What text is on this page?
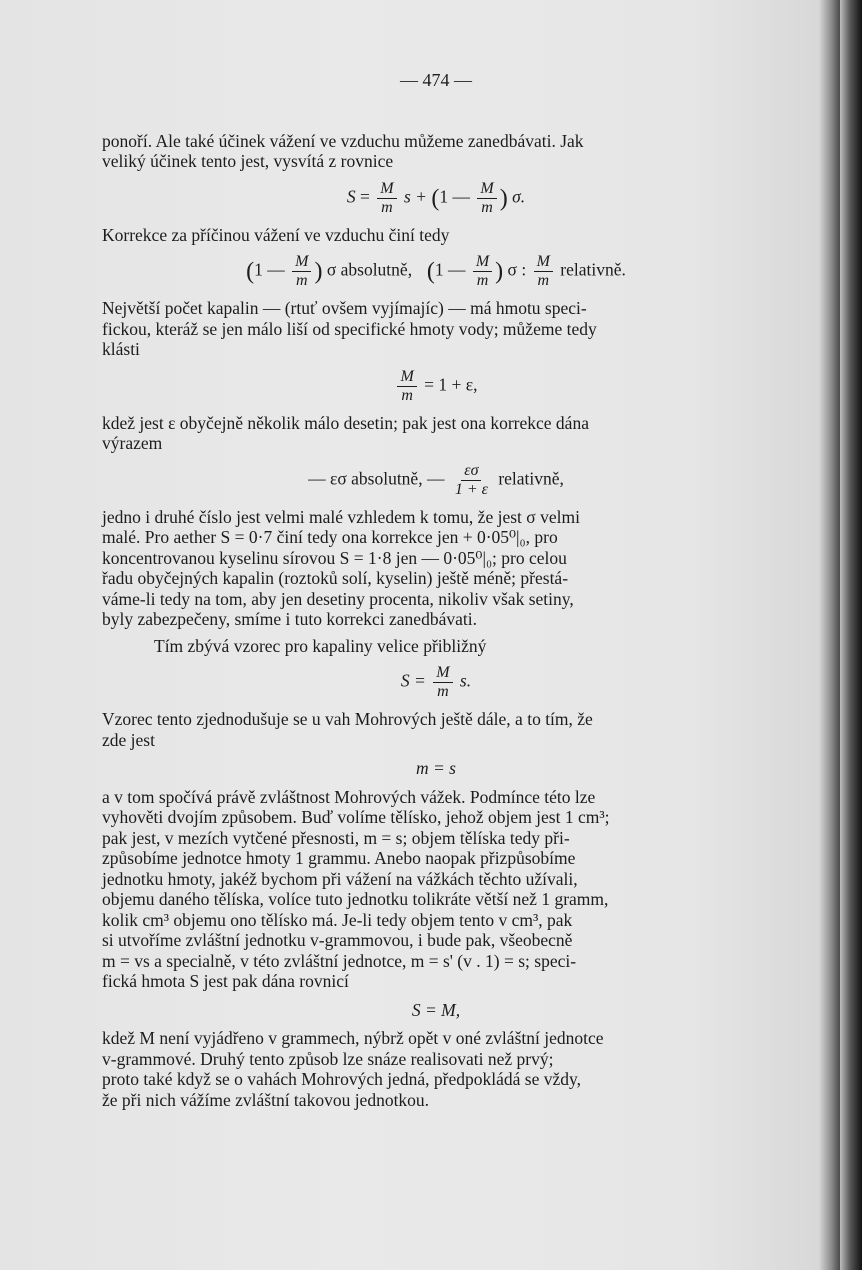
— 474 —

ponoří. Ale také účinek vážení ve vzduchu můžeme zanedbávati. Jak
veliký účinek tento jest, vysvítá z rovnice

$S = \frac{M}{m}$ s + (1 — $\frac{M}{m}$ ) σ.

Korrekce za příčinou vážení ve vzduchu činí tedy

(1 — $\frac{M}{m}$ ) σ absolutně, (1 — $\frac{M}{m}$ ) σ : $\frac{M}{m}$ relativně.

Největší počet kapalin — (rtuť ovšem vyjímajíc) — má hmotu speci-
fickou, kteráž se jen málo liší od specifické hmoty vody; můžeme tedy
klásti

$\frac{M}{m} = 1 + \varepsilon$,

kdež jest ε obyčejně několik málo desetin; pak jest ona korrekce dána
výrazem

— εσ absolutně, — $\frac{\varepsilon\sigma}{1 + \varepsilon}$ relativně,

jedno i druhé číslo jest velmi malé vzhledem k tomu, že jest σ velmi
malé. Pro aether S = 0·7 činí tedy ona korrekce jen + 0·05⁰|₀, pro
koncentrovanou kyselinu sírovou S = 1·8 jen — 0·05⁰|₀; pro celou
řadu obyčejných kapalin (roztoků solí, kyselin) ještě méně; přestá-
váme-li tedy na tom, aby jen desetiny procenta, nikoliv však setiny,
byly zabezpečeny, smíme i tuto korrekci zanedbávati.

Tím zbývá vzorec pro kapaliny velice přibližný

$S = \frac{M}{m} s$.

Vzorec tento zjednodušuje se u vah Mohrových ještě dále, a to tím, že
zde jest

m = s

a v tom spočívá právě zvláštnost Mohrových vážek. Podmínce této lze
vyhověti dvojím způsobem. Buď volíme tělísko, jehož objem jest 1 cm³;
pak jest, v mezích vytčené přesnosti, m = s; objem tělíska tedy při-
způsobíme jednotce hmoty 1 grammu. Anebo naopak přizpůsobíme
jednotku hmoty, jakéž bychom při vážení na vážkách těchto užívali,
objemu daného tělíska, volíce tuto jednotku tolikráte větší než 1 gramm,
kolik cm³ objemu ono tělísko má. Je-li tedy objem tento v cm³, pak
si utvoříme zvláštní jednotku v-grammovou, i bude pak, všeobecně
m = vs a specialně, v této zvláštní jednotce, m = s' (v . 1) = s; speci-
fická hmota S jest pak dána rovnicí

S = M,

kdež M není vyjádřeno v grammech, nýbrž opět v oné zvláštní jednotce
v-grammové. Druhý tento způsob lze snáze realisovati než prvý;
proto také když se o vahách Mohrových jedná, předpokládá se vždy,
že při nich vážíme zvláštní takovou jednotkou.
